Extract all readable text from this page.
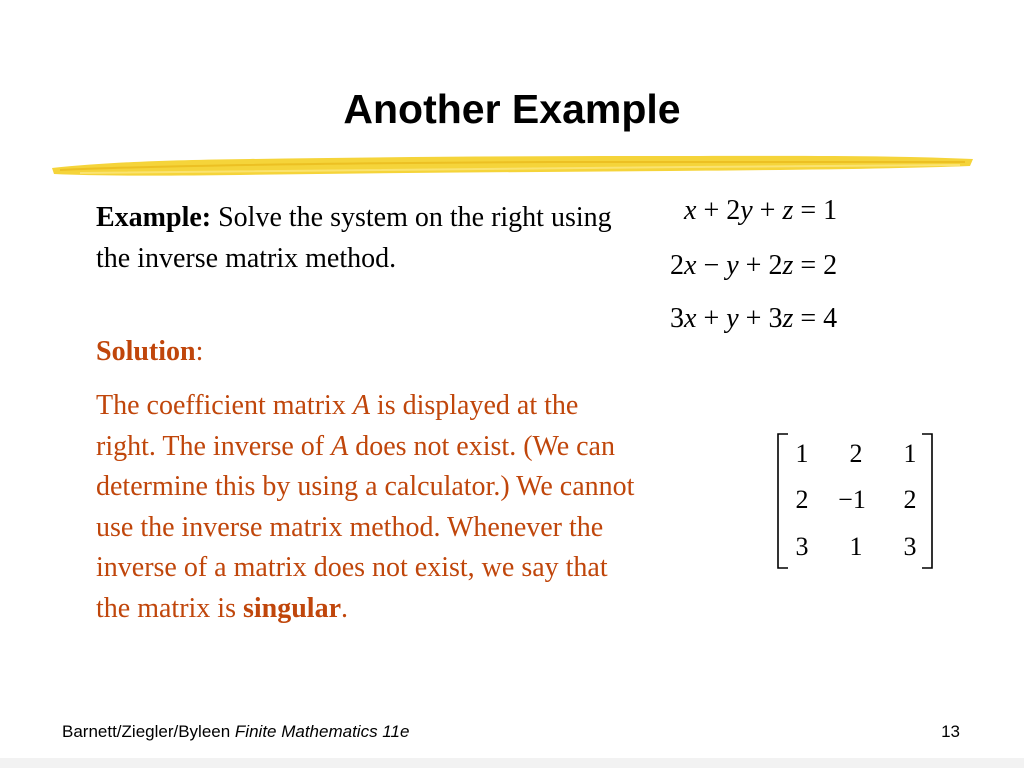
Another Example
Example: Solve the system on the right using the inverse matrix method.
Solution:
The coefficient matrix A is displayed at the right. The inverse of A does not exist. (We can determine this by using a calculator.) We cannot use the inverse matrix method. Whenever the inverse of a matrix does not exist, we say that the matrix is singular.
x + 2y + z = 1
2x − y + 2z = 2
3x + y + 3z = 4
1	2	1
2	−1	2
3	1	3
Barnett/Ziegler/Byleen Finite Mathematics 11e	13
